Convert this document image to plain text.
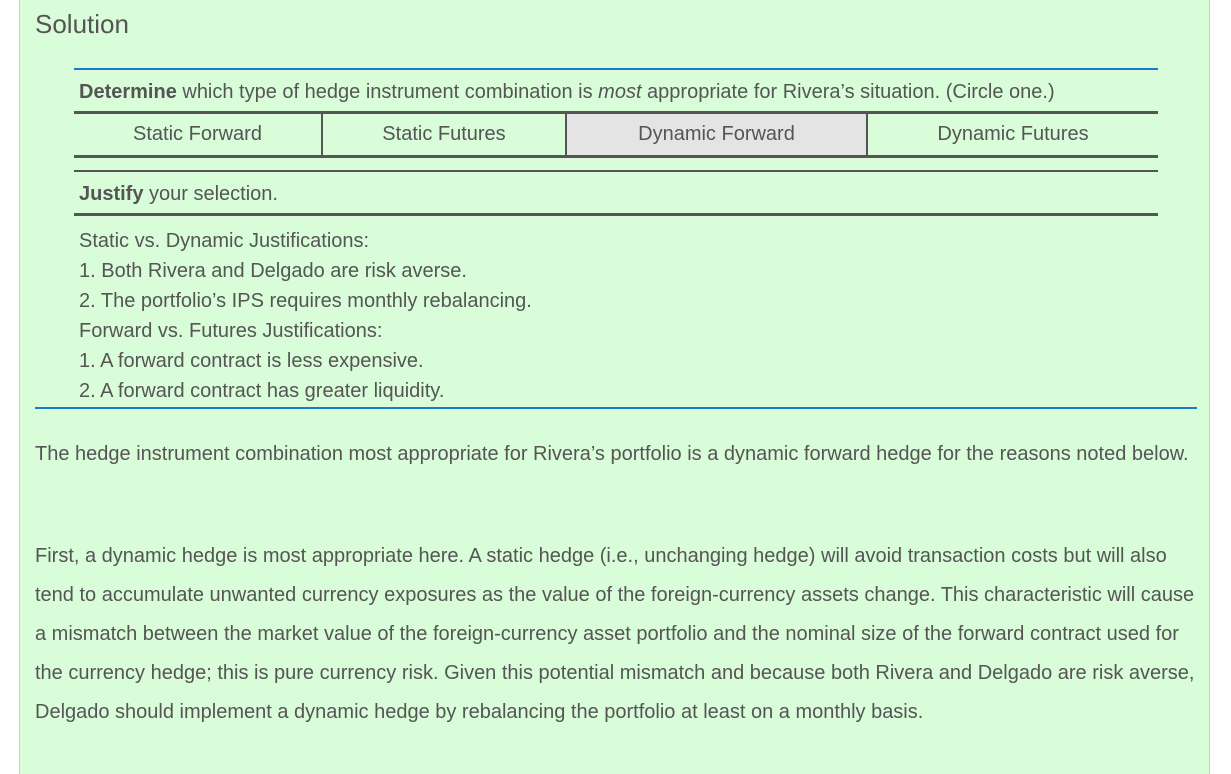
Solution
Determine which type of hedge instrument combination is most appropriate for Rivera’s situation. (Circle one.)
Static Forward	Static Futures	Dynamic Forward	Dynamic Futures
Justify your selection.
Static vs. Dynamic Justifications:
1. Both Rivera and Delgado are risk averse.
2. The portfolio’s IPS requires monthly rebalancing.
Forward vs. Futures Justifications:
1. A forward contract is less expensive.
2. A forward contract has greater liquidity.
The hedge instrument combination most appropriate for Rivera’s portfolio is a dynamic forward hedge for the reasons noted below.
First, a dynamic hedge is most appropriate here. A static hedge (i.e., unchanging hedge) will avoid transaction costs but will also tend to accumulate unwanted currency exposures as the value of the foreign-currency assets change. This characteristic will cause a mismatch between the market value of the foreign-currency asset portfolio and the nominal size of the forward contract used for the currency hedge; this is pure currency risk. Given this potential mismatch and because both Rivera and Delgado are risk averse, Delgado should implement a dynamic hedge by rebalancing the portfolio at least on a monthly basis.
